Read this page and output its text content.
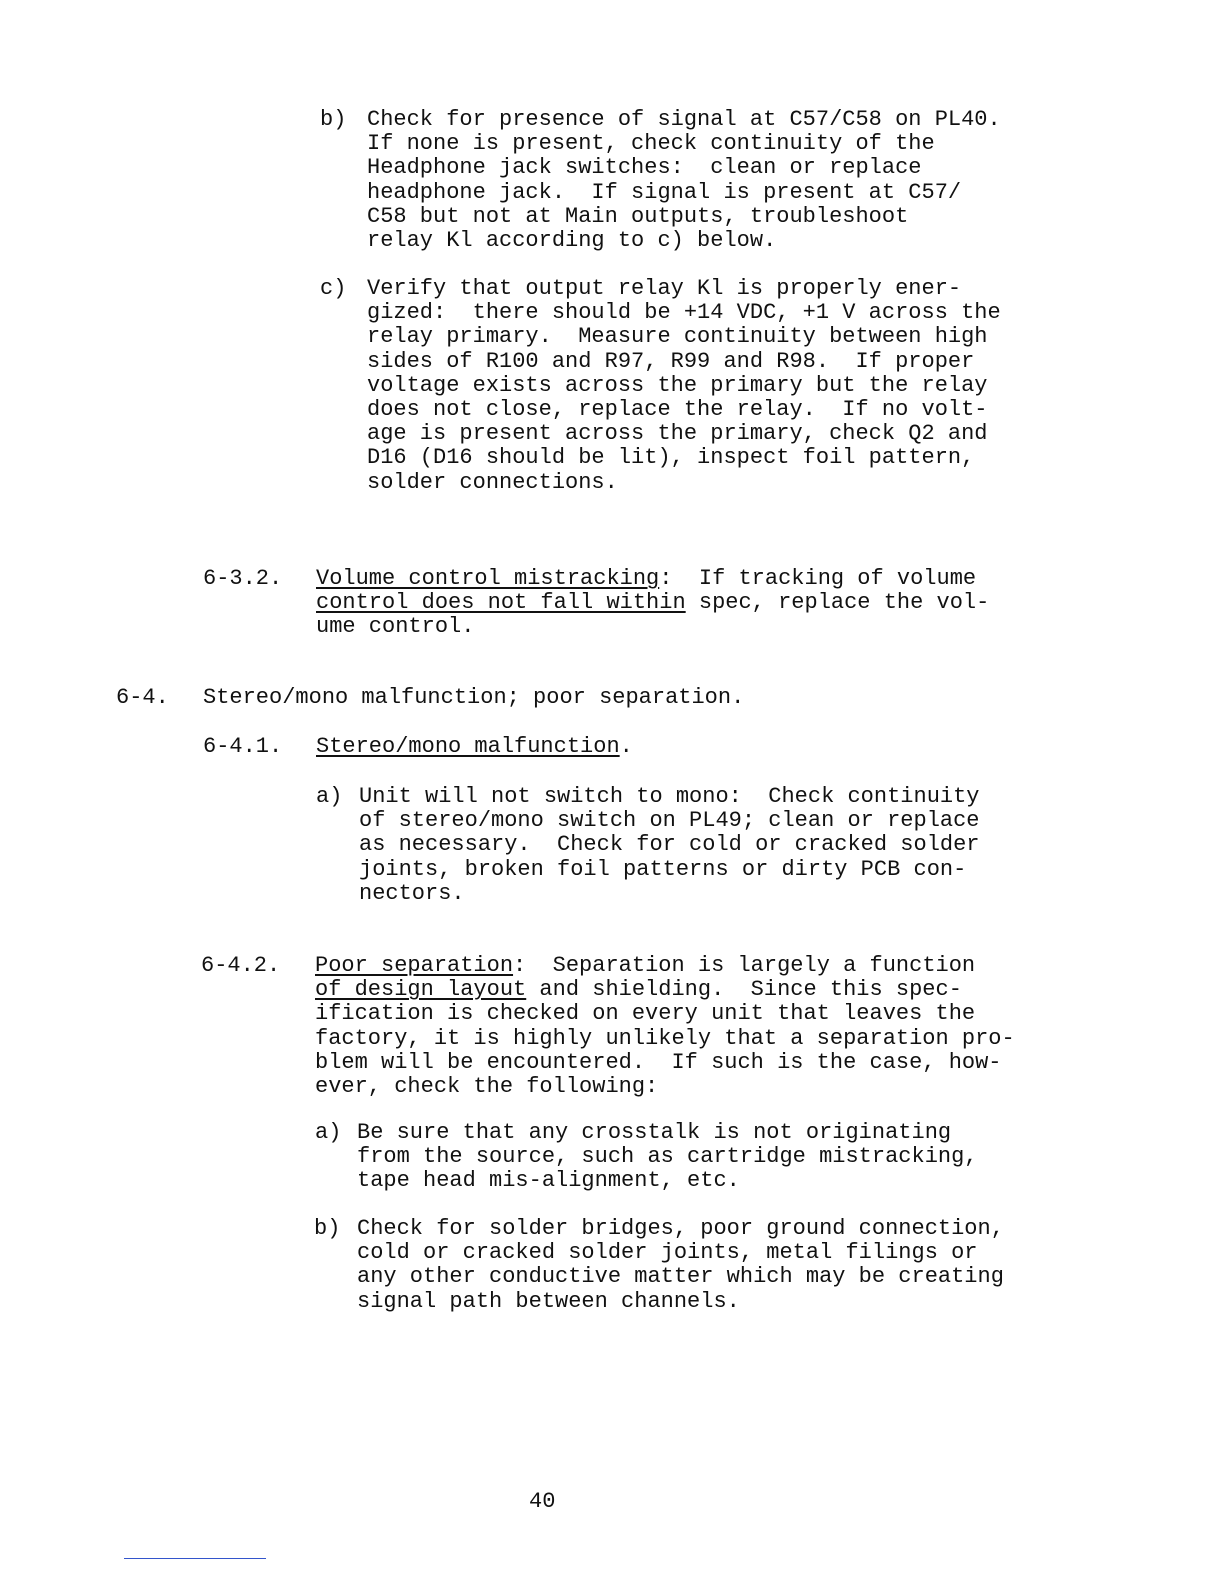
b) Check for presence of signal at C57/C58 on PL40.
If none is present, check continuity of the
Headphone jack switches:  clean or replace
headphone jack.  If signal is present at C57/
C58 but not at Main outputs, troubleshoot
relay Kl according to c) below.
c) Verify that output relay Kl is properly ener-
gized:  there should be +14 VDC, +1 V across the
relay primary.  Measure continuity between high
sides of R100 and R97, R99 and R98.  If proper
voltage exists across the primary but the relay
does not close, replace the relay.  If no volt-
age is present across the primary, check Q2 and
D16 (D16 should be lit), inspect foil pattern,
solder connections.
6-3.2. Volume control mistracking:  If tracking of volume
control does not fall within spec, replace the vol-
ume control.
6-4. Stereo/mono malfunction; poor separation.
6-4.1. Stereo/mono malfunction.
a) Unit will not switch to mono:  Check continuity
of stereo/mono switch on PL49; clean or replace
as necessary.  Check for cold or cracked solder
joints, broken foil patterns or dirty PCB con-
nectors.
6-4.2. Poor separation:  Separation is largely a function
of design layout and shielding.  Since this spec-
ification is checked on every unit that leaves the
factory, it is highly unlikely that a separation pro-
blem will be encountered.  If such is the case, how-
ever, check the following:
a) Be sure that any crosstalk is not originating
from the source, such as cartridge mistracking,
tape head mis-alignment, etc.
b) Check for solder bridges, poor ground connection,
cold or cracked solder joints, metal filings or
any other conductive matter which may be creating
signal path between channels.
40
